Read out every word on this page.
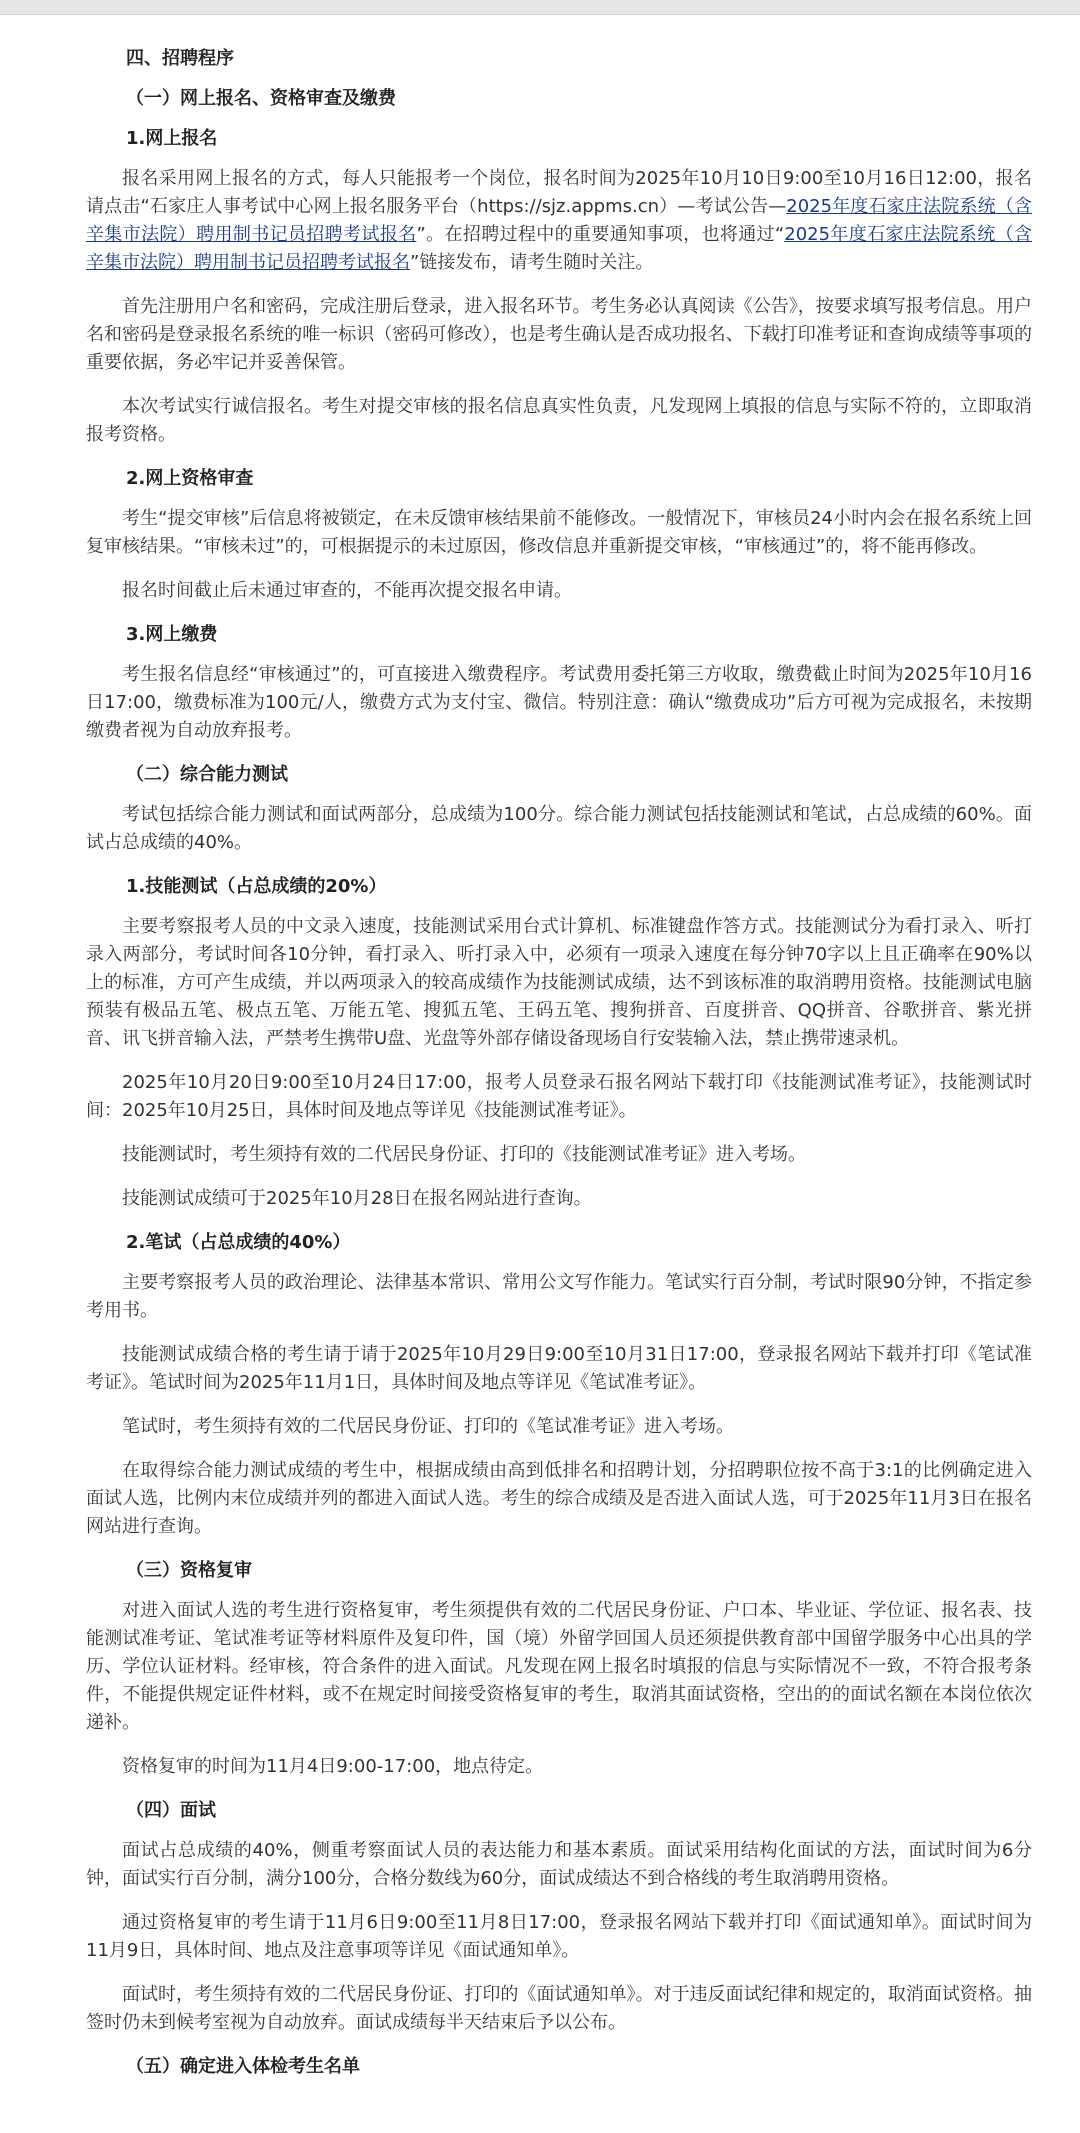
四、招聘程序
（一）网上报名、资格审查及缴费
1.网上报名
报名采用网上报名的方式，每人只能报考一个岗位，报名时间为2025年10月10日9:00至10月16日12:00，报名请点击“石家庄人事考试中心网上报名服务平台（https://sjz.appms.cn）—考试公告—2025年度石家庄法院系统（含辛集市法院）聘用制书记员招聘考试报名”。在招聘过程中的重要通知事项，也将通过“2025年度石家庄法院系统（含辛集市法院）聘用制书记员招聘考试报名”链接发布，请考生随时关注。
首先注册用户名和密码，完成注册后登录，进入报名环节。考生务必认真阅读《公告》，按要求填写报考信息。用户名和密码是登录报名系统的唯一标识（密码可修改），也是考生确认是否成功报名、下载打印准考证和查询成绩等事项的重要依据，务必牢记并妥善保管。
本次考试实行诚信报名。考生对提交审核的报名信息真实性负责，凡发现网上填报的信息与实际不符的，立即取消报考资格。
2.网上资格审查
考生“提交审核”后信息将被锁定，在未反馈审核结果前不能修改。一般情况下，审核员24小时内会在报名系统上回复审核结果。“审核未过”的，可根据提示的未过原因，修改信息并重新提交审核，“审核通过”的，将不能再修改。
报名时间截止后未通过审查的，不能再次提交报名申请。
3.网上缴费
考生报名信息经“审核通过”的，可直接进入缴费程序。考试费用委托第三方收取，缴费截止时间为2025年10月16日17:00，缴费标准为100元/人，缴费方式为支付宝、微信。特别注意：确认“缴费成功”后方可视为完成报名，未按期缴费者视为自动放弃报考。
（二）综合能力测试
考试包括综合能力测试和面试两部分，总成绩为100分。综合能力测试包括技能测试和笔试，占总成绩的60%。面试占总成绩的40%。
1.技能测试（占总成绩的20%）
主要考察报考人员的中文录入速度，技能测试采用台式计算机、标准键盘作答方式。技能测试分为看打录入、听打录入两部分，考试时间各10分钟，看打录入、听打录入中，必须有一项录入速度在每分钟70字以上且正确率在90%以上的标准，方可产生成绩，并以两项录入的较高成绩作为技能测试成绩，达不到该标准的取消聘用资格。技能测试电脑预装有极品五笔、极点五笔、万能五笔、搜狐五笔、王码五笔、搜狗拼音、百度拼音、QQ拼音、谷歌拼音、紫光拼音、讯飞拼音输入法，严禁考生携带U盘、光盘等外部存储设备现场自行安装输入法，禁止携带速录机。
2025年10月20日9:00至10月24日17:00，报考人员登录石报名网站下载打印《技能测试准考证》，技能测试时间：2025年10月25日，具体时间及地点等详见《技能测试准考证》。
技能测试时，考生须持有效的二代居民身份证、打印的《技能测试准考证》进入考场。
技能测试成绩可于2025年10月28日在报名网站进行查询。
2.笔试（占总成绩的40%）
主要考察报考人员的政治理论、法律基本常识、常用公文写作能力。笔试实行百分制，考试时限90分钟，不指定参考用书。
技能测试成绩合格的考生请于请于2025年10月29日9:00至10月31日17:00，登录报名网站下载并打印《笔试准考证》。笔试时间为2025年11月1日，具体时间及地点等详见《笔试准考证》。
笔试时，考生须持有效的二代居民身份证、打印的《笔试准考证》进入考场。
在取得综合能力测试成绩的考生中，根据成绩由高到低排名和招聘计划，分招聘职位按不高于3:1的比例确定进入面试人选，比例内末位成绩并列的都进入面试人选。考生的综合成绩及是否进入面试人选，可于2025年11月3日在报名网站进行查询。
（三）资格复审
对进入面试人选的考生进行资格复审，考生须提供有效的二代居民身份证、户口本、毕业证、学位证、报名表、技能测试准考证、笔试准考证等材料原件及复印件，国（境）外留学回国人员还须提供教育部中国留学服务中心出具的学历、学位认证材料。经审核，符合条件的进入面试。凡发现在网上报名时填报的信息与实际情况不一致，不符合报考条件，不能提供规定证件材料，或不在规定时间接受资格复审的考生，取消其面试资格，空出的的面试名额在本岗位依次递补。
资格复审的时间为11月4日9:00-17:00，地点待定。
（四）面试
面试占总成绩的40%，侧重考察面试人员的表达能力和基本素质。面试采用结构化面试的方法，面试时间为6分钟，面试实行百分制，满分100分，合格分数线为60分，面试成绩达不到合格线的考生取消聘用资格。
通过资格复审的考生请于11月6日9:00至11月8日17:00，登录报名网站下载并打印《面试通知单》。面试时间为11月9日，具体时间、地点及注意事项等详见《面试通知单》。
面试时，考生须持有效的二代居民身份证、打印的《面试通知单》。对于违反面试纪律和规定的，取消面试资格。抽签时仍未到候考室视为自动放弃。面试成绩每半天结束后予以公布。
（五）确定进入体检考生名单
